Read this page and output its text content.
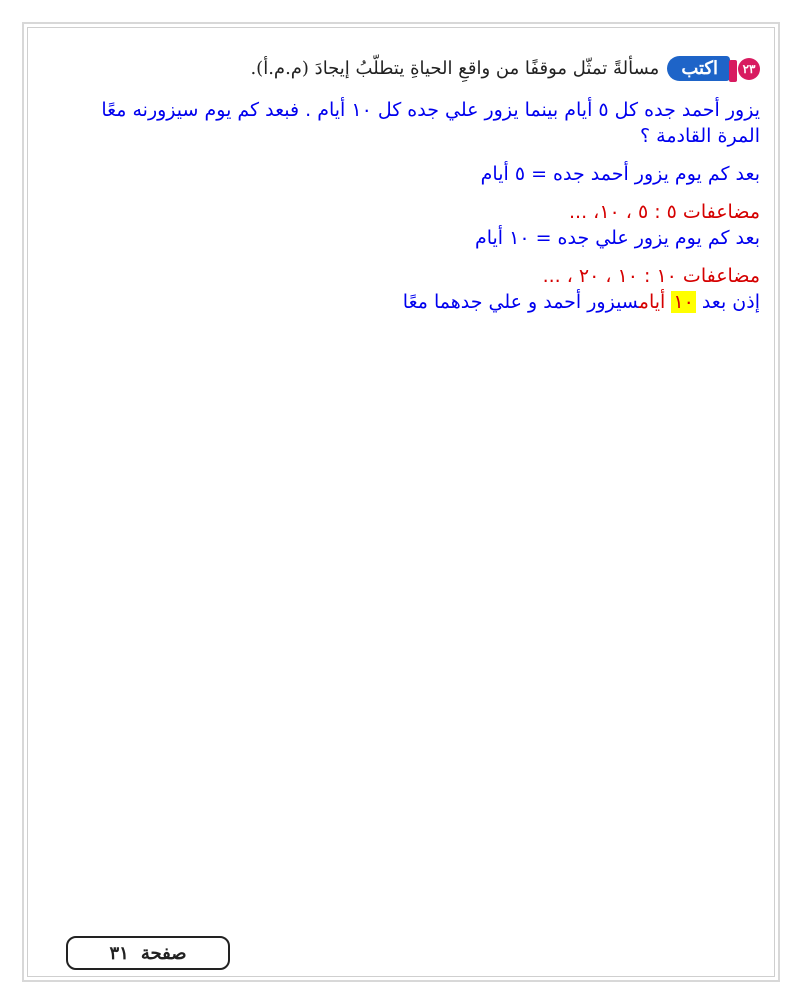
٢٣
اكتب
مسألةً تمثّل موقفًا من واقعِ الحياةِ يتطلّبُ إيجادَ (م.م.أ).

يزور أحمد جده كل ٥ أيام بينما يزور علي جده كل ١٠ أيام . فبعد كم يوم سيزورنه معًا

المرة القادمة ؟

بعد كم يوم يزور أحمد جده = ٥ أيام

مضاعفات ٥ : ٥ ، ١٠، ...

بعد كم يوم يزور علي جده = ١٠ أيام

مضاعفات ١٠ : ١٠ ، ٢٠ ، ...

إذن بعد ١٠ أيامسيزور أحمد و علي جدهما معًا

صفحة
٣١
